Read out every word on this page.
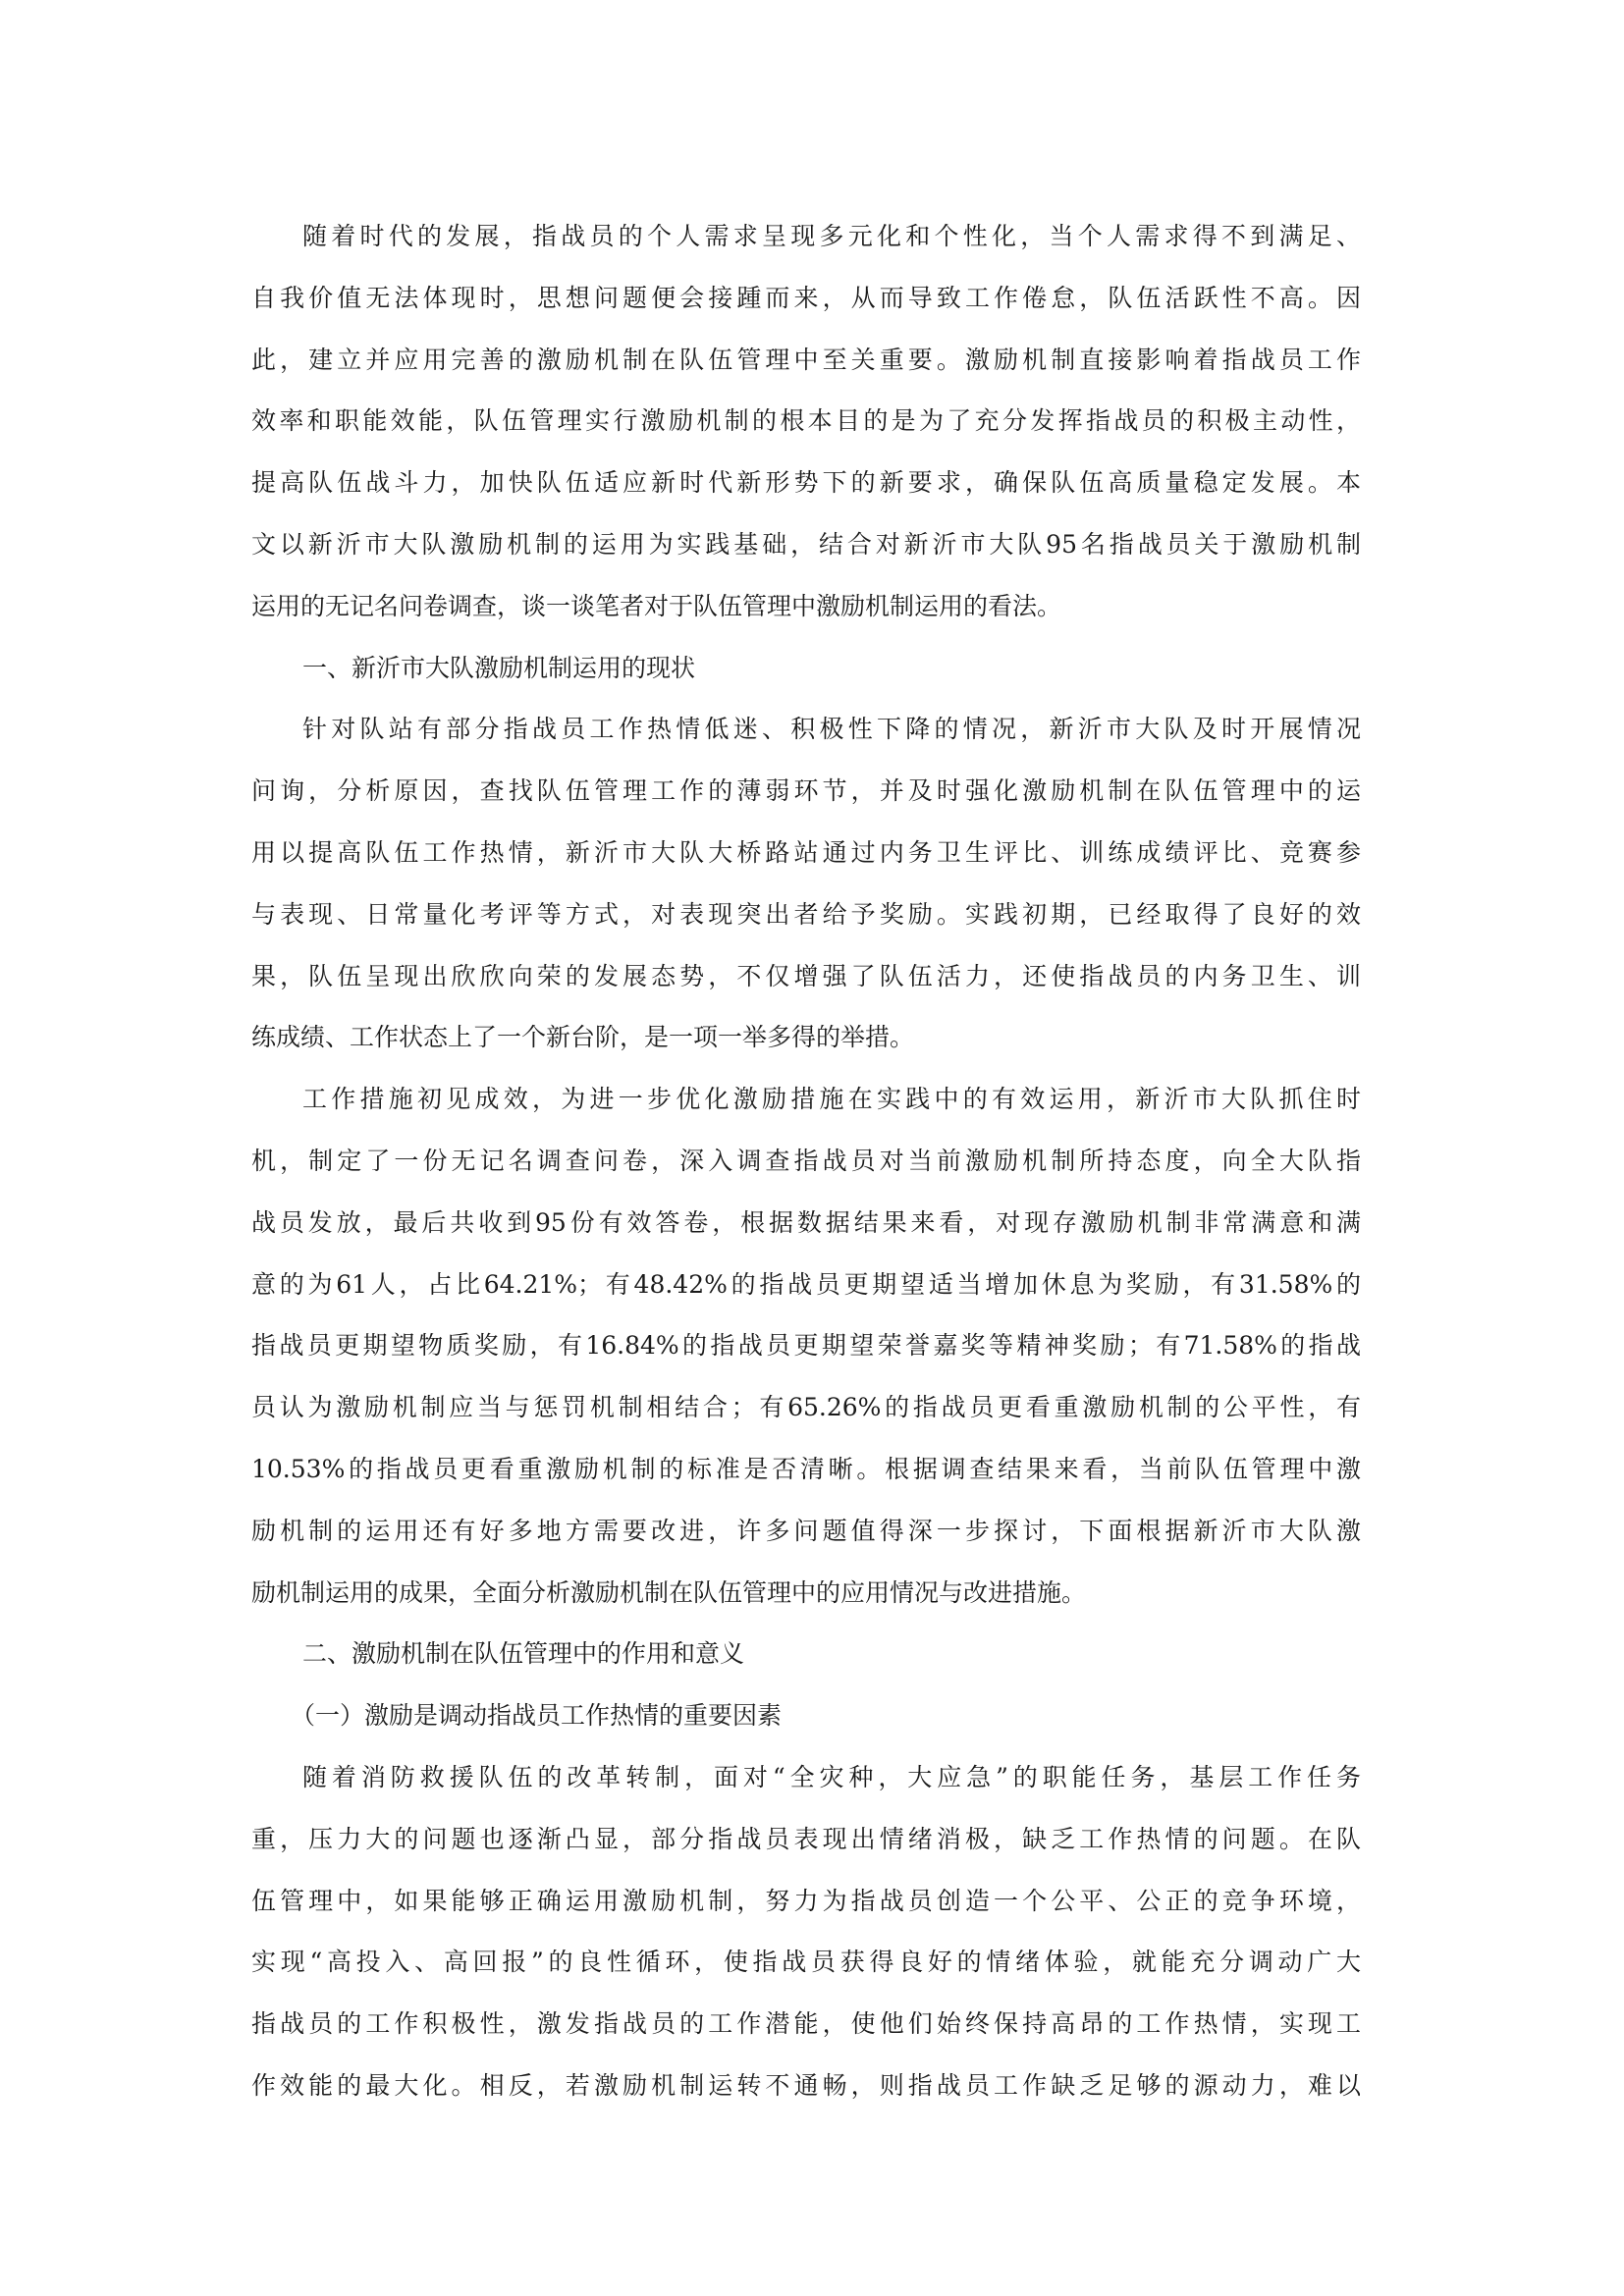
随着时代的发展，指战员的个人需求呈现多元化和个性化，当个人需求得不到满足、
自我价值无法体现时，思想问题便会接踵而来，从而导致工作倦怠，队伍活跃性不高。因
此，建立并应用完善的激励机制在队伍管理中至关重要。激励机制直接影响着指战员工作
效率和职能效能，队伍管理实行激励机制的根本目的是为了充分发挥指战员的积极主动性，
提高队伍战斗力，加快队伍适应新时代新形势下的新要求，确保队伍高质量稳定发展。本
文以新沂市大队激励机制的运用为实践基础，结合对新沂市大队95名指战员关于激励机制
运用的无记名问卷调查，谈一谈笔者对于队伍管理中激励机制运用的看法。
一、新沂市大队激励机制运用的现状
针对队站有部分指战员工作热情低迷、积极性下降的情况，新沂市大队及时开展情况
问询，分析原因，查找队伍管理工作的薄弱环节，并及时强化激励机制在队伍管理中的运
用以提高队伍工作热情，新沂市大队大桥路站通过内务卫生评比、训练成绩评比、竞赛参
与表现、日常量化考评等方式，对表现突出者给予奖励。实践初期，已经取得了良好的效
果，队伍呈现出欣欣向荣的发展态势，不仅增强了队伍活力，还使指战员的内务卫生、训
练成绩、工作状态上了一个新台阶，是一项一举多得的举措。
工作措施初见成效，为进一步优化激励措施在实践中的有效运用，新沂市大队抓住时
机，制定了一份无记名调查问卷，深入调查指战员对当前激励机制所持态度，向全大队指
战员发放，最后共收到95份有效答卷，根据数据结果来看，对现存激励机制非常满意和满
意的为61人，占比64.21%；有48.42%的指战员更期望适当增加休息为奖励，有31.58%的
指战员更期望物质奖励，有16.84%的指战员更期望荣誉嘉奖等精神奖励；有71.58%的指战
员认为激励机制应当与惩罚机制相结合；有65.26%的指战员更看重激励机制的公平性，有
10.53%的指战员更看重激励机制的标准是否清晰。根据调查结果来看，当前队伍管理中激
励机制的运用还有好多地方需要改进，许多问题值得深一步探讨，下面根据新沂市大队激
励机制运用的成果，全面分析激励机制在队伍管理中的应用情况与改进措施。
二、激励机制在队伍管理中的作用和意义
（一）激励是调动指战员工作热情的重要因素
随着消防救援队伍的改革转制，面对“全灾种，大应急”的职能任务，基层工作任务
重，压力大的问题也逐渐凸显，部分指战员表现出情绪消极，缺乏工作热情的问题。在队
伍管理中，如果能够正确运用激励机制，努力为指战员创造一个公平、公正的竞争环境，
实现“高投入、高回报”的良性循环，使指战员获得良好的情绪体验，就能充分调动广大
指战员的工作积极性，激发指战员的工作潜能，使他们始终保持高昂的工作热情，实现工
作效能的最大化。相反，若激励机制运转不通畅，则指战员工作缺乏足够的源动力，难以
